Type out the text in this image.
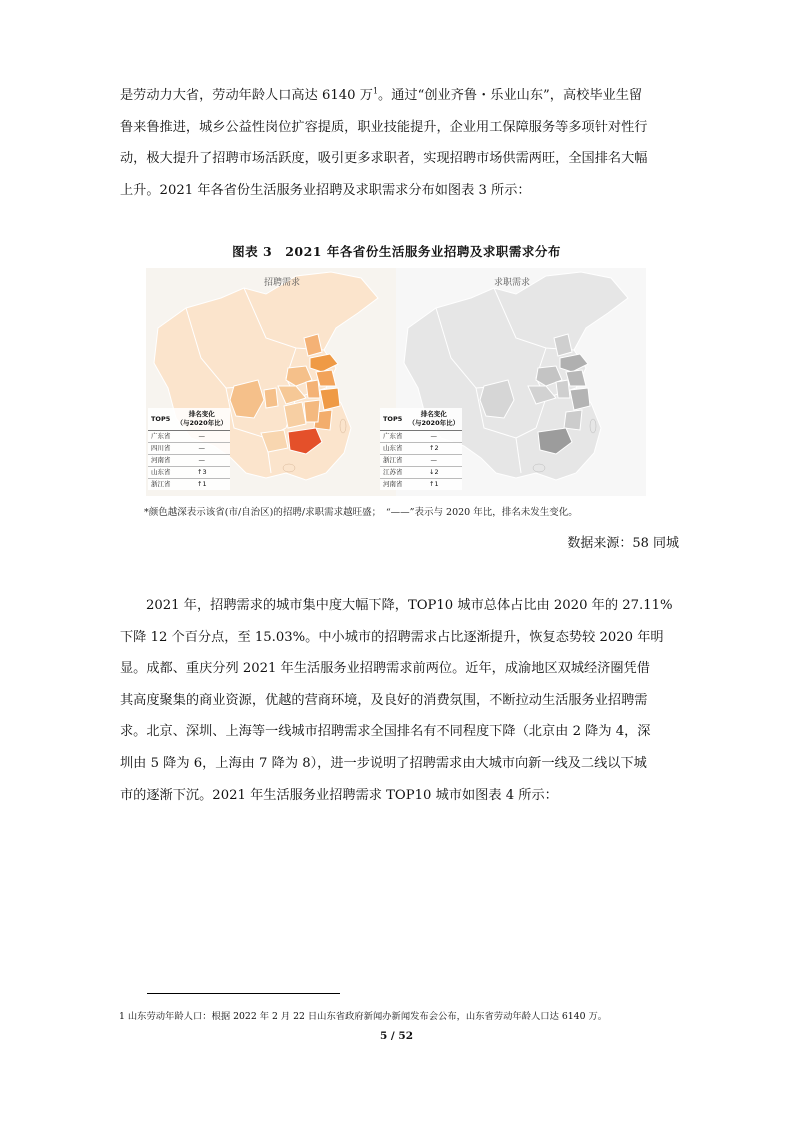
是劳动力大省，劳动年龄人口高达 6140 万$^1$。通过“创业齐鲁・乐业山东”，高校毕业生留
鲁来鲁推进，城乡公益性岗位扩容提质，职业技能提升，企业用工保障服务等多项针对性行
动，极大提升了招聘市场活跃度，吸引更多求职者，实现招聘市场供需两旺，全国排名大幅
上升。2021 年各省份生活服务业招聘及求职需求分布如图表 3 所示：
图表 3　2021 年各省份生活服务业招聘及求职需求分布
招聘需求
TOP5	排名变化
（与2020年比）
广东省	—
四川省	—
河南省	—
山东省	↑3
浙江省	↑1
求职需求
TOP5	排名变化
（与2020年比）
广东省	—
山东省	↑2
浙江省	—
江苏省	↓2
河南省	↑1
*颜色越深表示该省(市/自治区)的招聘/求职需求越旺盛；　“——”表示与 2020 年比，排名未发生变化。
数据来源：58 同城
2021 年，招聘需求的城市集中度大幅下降，TOP10 城市总体占比由 2020 年的 27.11%
下降 12 个百分点，至 15.03%。中小城市的招聘需求占比逐渐提升，恢复态势较 2020 年明
显。成都、重庆分列 2021 年生活服务业招聘需求前两位。近年，成渝地区双城经济圈凭借
其高度聚集的商业资源，优越的营商环境，及良好的消费氛围，不断拉动生活服务业招聘需
求。北京、深圳、上海等一线城市招聘需求全国排名有不同程度下降（北京由 2 降为 4，深
圳由 5 降为 6，上海由 7 降为 8），进一步说明了招聘需求由大城市向新一线及二线以下城
市的逐渐下沉。2021 年生活服务业招聘需求 TOP10 城市如图表 4 所示：
1 山东劳动年龄人口：根据 2022 年 2 月 22 日山东省政府新闻办新闻发布会公布，山东省劳动年龄人口达 6140 万。
5 / 52
